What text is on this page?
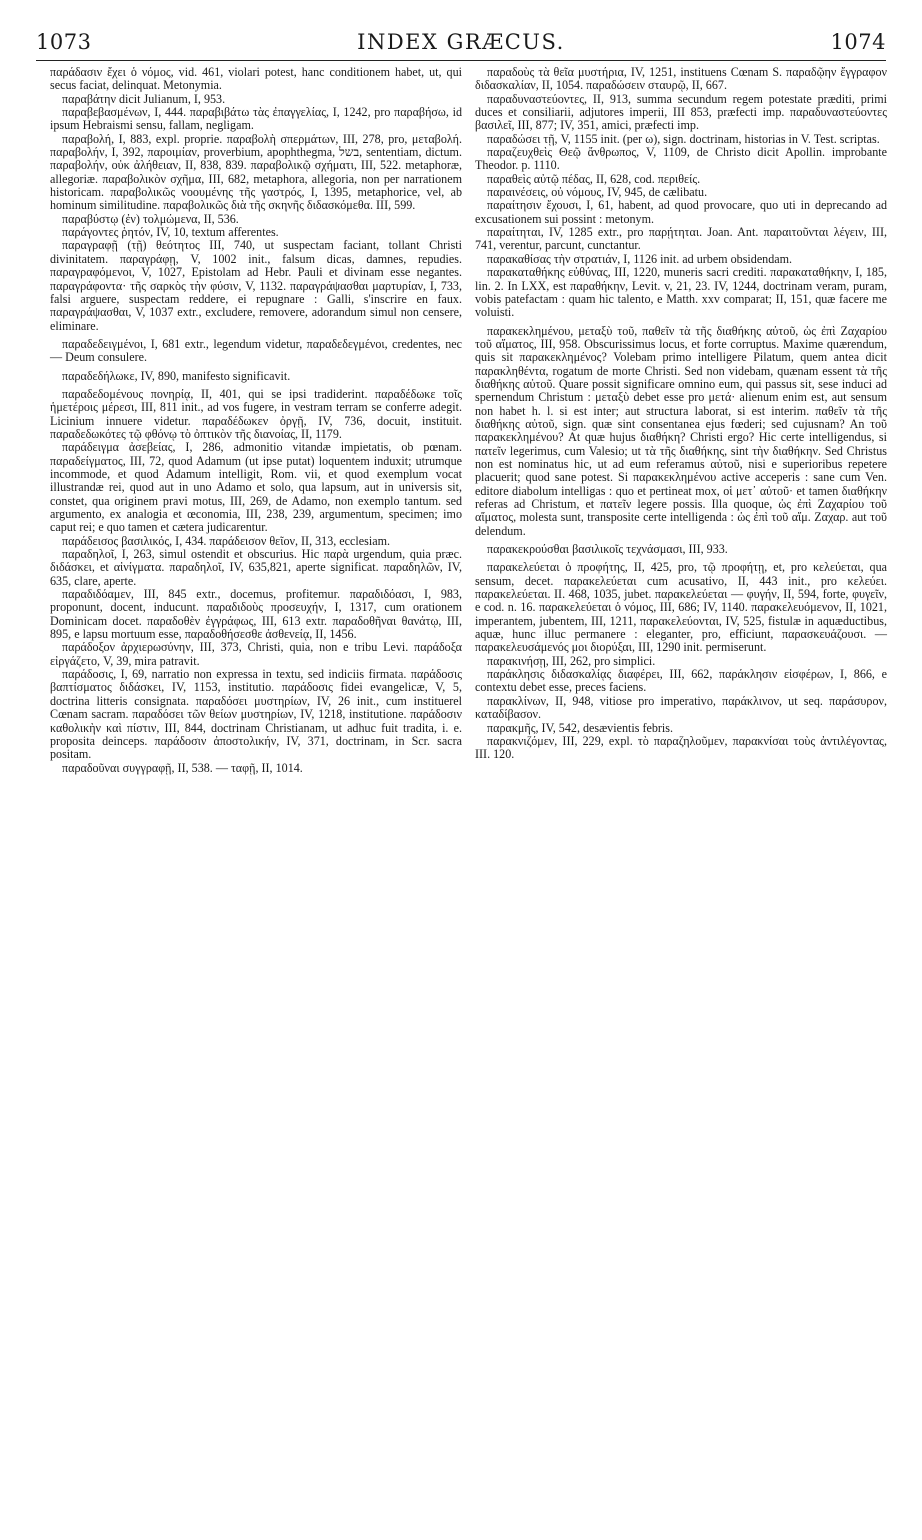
1073	INDEX GRÆCUS.	1074

παράδασιν ἔχει ὁ νόμος, vid. 461, violari potest, hanc conditionem habet, ut, qui secus faciat, delinquat. Metonymia.

παραβάτην dicit Julianum, I, 953.

παραβεβασμένων, I, 444. παραβιβάτω τὰς ἐπαγγελίας, I, 1242, pro παραβήσω, id ipsum Hebraismi sensu, fallam, negligam.

παραβολή, I, 883, expl. proprie. παραβολὴ σπερμάτων, III, 278, pro, μεταβολή. παραβολήν, I, 392, παροιμίαν, proverbium, apophthegma, בשל, sententiam, dictum. παραβολήν, οὐκ ἀλήθειαν, II, 838, 839. παραβολικῷ σχήματι, III, 522. metaphoræ, allegoriæ. παραβολικὸν σχῆμα, III, 682, metaphora, allegoria, non per narrationem historicam. παραβολικῶς νοουμένης τῆς γαστρός, I, 1395, metaphorice, vel, ab hominum similitudine. παραβολικῶς διὰ τῆς σκηνῆς διδασκόμεθα. III, 599.

παραβύστῳ (ἐν) τολμώμενα, II, 536.

παράγοντες ῥητόν, IV, 10, textum afferentes.

παραγραφῇ (τῇ) θεότητος III, 740, ut suspectam faciant, tollant Christi divinitatem. παραγράφῃ, V, 1002 init., falsum dicas, damnes, repudies. παραγραφόμενοι, V, 1027, Epistolam ad Hebr. Pauli et divinam esse negantes. παραγράφοντα· τῆς σαρκὸς τὴν φύσιν, V, 1132. παραγράψασθαι μαρτυρίαν, I, 733, falsi arguere, suspectam reddere, ei repugnare : Galli, s'inscrire en faux. παραγράψασθαι, V, 1037 extr., excludere, removere, adorandum simul non censere, eliminare.

παραδεδειγμένοι, I, 681 extr., legendum videtur, παραδεδεγμένοι, credentes, nec — Deum consulere.

παραδεδήλωκε, IV, 890, manifesto significavit.

παραδεδομένους πονηρίᾳ, II, 401, qui se ipsi tradiderint. παραδέδωκε τοῖς ἡμετέροις μέρεσι, III, 811 init., ad vos fugere, in vestram terram se conferre adegit. Licinium innuere videtur. παραδέδωκεν ὀργῇ, IV, 736, docuit, instituit. παραδεδωκότες τῷ φθόνῳ τὸ ὀπτικὸν τῆς διανοίας, II, 1179.

παράδειγμα ἀσεβείας, I, 286, admonitio vitandæ impietatis, ob pœnam. παραδείγματος, III, 72, quod Adamum (ut ipse putat) loquentem induxit; utrumque incommode, et quod Adamum intelligit, Rom. vii, et quod exemplum vocat illustrandæ rei, quod aut in uno Adamo et solo, qua lapsum, aut in universis sit, constet, qua originem pravi motus, III, 269, de Adamo, non exemplo tantum. sed argumento, ex analogia et œconomia, III, 238, 239, argumentum, specimen; imo caput rei; e quo tamen et cætera judicarentur.

παράδεισος βασιλικός, I, 434. παράδεισον θεῖον, II, 313, ecclesiam.

παραδηλοῖ, I, 263, simul ostendit et obscurius. Hic παρὰ urgendum, quia præc. διδάσκει, et αἰνίγματα. παραδηλοῖ, IV, 635,821, aperte significat. παραδηλῶν, IV, 635, clare, aperte.

παραδιδόαμεν, III, 845 extr., docemus, profitemur. παραδιδόασι, I, 983, proponunt, docent, inducunt. παραδιδοὺς προσευχήν, I, 1317, cum orationem Dominicam docet. παραδοθὲν ἐγγράφως, III, 613 extr. παραδοθῆναι θανάτῳ, III, 895, e lapsu mortuum esse, παραδοθήσεσθε ἀσθενείᾳ, II, 1456.

παράδοξον ἀρχιερωσύνην, III, 373, Christi, quia, non e tribu Levi. παράδοξα εἰργάζετο, V, 39, mira patravit.

παράδοσις, I, 69, narratio non expressa in textu, sed indiciis firmata. παράδοσις βαπτίσματος διδάσκει, IV, 1153, institutio. παράδοσις fidei evangelicæ, V, 5, doctrina litteris consignata. παραδόσει μυστηρίων, IV, 26 init., cum instituerel Cœnam sacram. παραδόσει τῶν θείων μυστηρίων, IV, 1218, institutione. παράδοσιν καθολικὴν καὶ πίστιν, III, 844, doctrinam Christianam, ut adhuc fuit tradita, i. e. proposita deinceps. παράδοσιν ἀποστολικήν, IV, 371, doctrinam, in Scr. sacra positam.

παραδοῦναι συγγραφῇ, II, 538. — ταφῇ, II, 1014.

παραδοὺς τὰ θεῖα μυστήρια, IV, 1251, instituens Cœnam S. παραδῷην ἔγγραφον διδασκαλίαν, II, 1054. παραδώσειν σταυρῷ, II, 667.

παραδυναστεύοντες, II, 913, summa secundum regem potestate præditi, primi duces et consiliarii, adjutores imperii, III 853, præfecti imp. παραδυναστεύοντες βασιλεῖ, III, 877; IV, 351, amici, præfecti imp.

παραδώσει τῇ, V, 1155 init. (per ω), sign. doctrinam, historias in V. Test. scriptas.

παραζευχθεὶς Θεῷ ἄνθρωπος, V, 1109, de Christo dicit Apollin. improbante Theodor. p. 1110.

παραθεὶς αὐτῷ πέδας, II, 628, cod. περιθείς.

παραινέσεις, οὐ νόμους, IV, 945, de cælibatu.

παραίτησιν ἔχουσι, I, 61, habent, ad quod provocare, quo uti in deprecando ad excusationem sui possint : metonym.

παραίτηται, IV, 1285 extr., pro παρῄτηται. Joan. Ant. παραιτοῦνται λέγειν, III, 741, verentur, parcunt, cunctantur.

παρακαθίσας τὴν στρατιάν, I, 1126 init. ad urbem obsidendam.

παρακαταθήκης εὐθύνας, III, 1220, muneris sacri crediti. παρακαταθήκην, I, 185, lin. 2. In LXX, est παραθήκην, Levit. v, 21, 23. IV, 1244, doctrinam veram, puram, vobis patefactam : quam hic talento, e Matth. xxv comparat; II, 151, quæ facere me voluisti.

παρακεκλημένου, μεταξὺ τοῦ, παθεῖν τὰ τῆς διαθήκης αὐτοῦ, ὡς ἐπὶ Ζαχαρίου τοῦ αἵματος, III, 958. Obscurissimus locus, et forte corruptus. Maxime quærendum, quis sit παρακεκλημένος? Volebam primo intelligere Pilatum, quem antea dicit παρακληθέντα, rogatum de morte Christi. Sed non videbam, quænam essent τὰ τῆς διαθήκης αὐτοῦ. Quare possit significare omnino eum, qui passus sit, sese induci ad spernendum Christum : μεταξὺ debet esse pro μετά· alienum enim est, aut sensum non habet h. l. si est inter; aut structura laborat, si est interim. παθεῖν τὰ τῆς διαθήκης αὐτοῦ, sign. quæ sint consentanea ejus fœderi; sed cujusnam? An τοῦ παρακεκλημένου? At quæ hujus διαθήκη? Christi ergo? Hic certe intelligendus, si πατεῖν legerimus, cum Valesio; ut τὰ τῆς διαθήκης, sint τὴν διαθήκην. Sed Christus non est nominatus hic, ut ad eum referamus αὐτοῦ, nisi e superioribus repetere placuerit; quod sane potest. Si παρακεκλημένου active acceperis : sane cum Ven. editore diabolum intelligas : quo et pertineat mox, οἱ μετ᾽ αὐτοῦ· et tamen διαθήκην referas ad Christum, et πατεῖν legere possis. Illa quoque, ὡς ἐπὶ Ζαχαρίου τοῦ αἵματος, molesta sunt, transposite certe intelligenda : ὡς ἐπὶ τοῦ αἵμ. Ζαχαρ. aut τοῦ delendum.

παρακεκρούσθαι βασιλικοῖς τεχνάσμασι, III, 933.

παρακελεύεται ὁ προφήτης, II, 425, pro, τῷ προφήτῃ, et, pro κελεύεται, qua sensum, decet. παρακελεύεται cum acusativo, II, 443 init., pro κελεύει. παρακελεύεται. II. 468, 1035, jubet. παρακελεύεται — φυγήν, II, 594, forte, φυγεῖν, e cod. n. 16. παρακελεύεται ὁ νόμος, III, 686; IV, 1140. παρακελευόμενον, II, 1021, imperantem, jubentem, III, 1211, παρακελεύονται, IV, 525, fistulæ in aquæductibus, aquæ, hunc illuc permanere : eleganter, pro, efficiunt, παρασκευάζουσι. — παρακελευσάμενός μοι διορύξαι, III, 1290 init. permiserunt.

παρακινήσῃ, III, 262, pro simplici.

παράκλησις διδασκαλίᾳς διαφέρει, III, 662, παράκλησιν εἰσφέρων, I, 866, e contextu debet esse, preces faciens.

παρακλίνων, II, 948, vitiose pro imperativo, παράκλινον, ut seq. παράσυρον, καταδίβασον.

παρακμῆς, IV, 542, desævientis febris.

παρακνιζόμεν, III, 229, expl. τὸ παραζηλοῦμεν, παρακνίσαι τοὺς ἀντιλέγοντας, III. 120.
